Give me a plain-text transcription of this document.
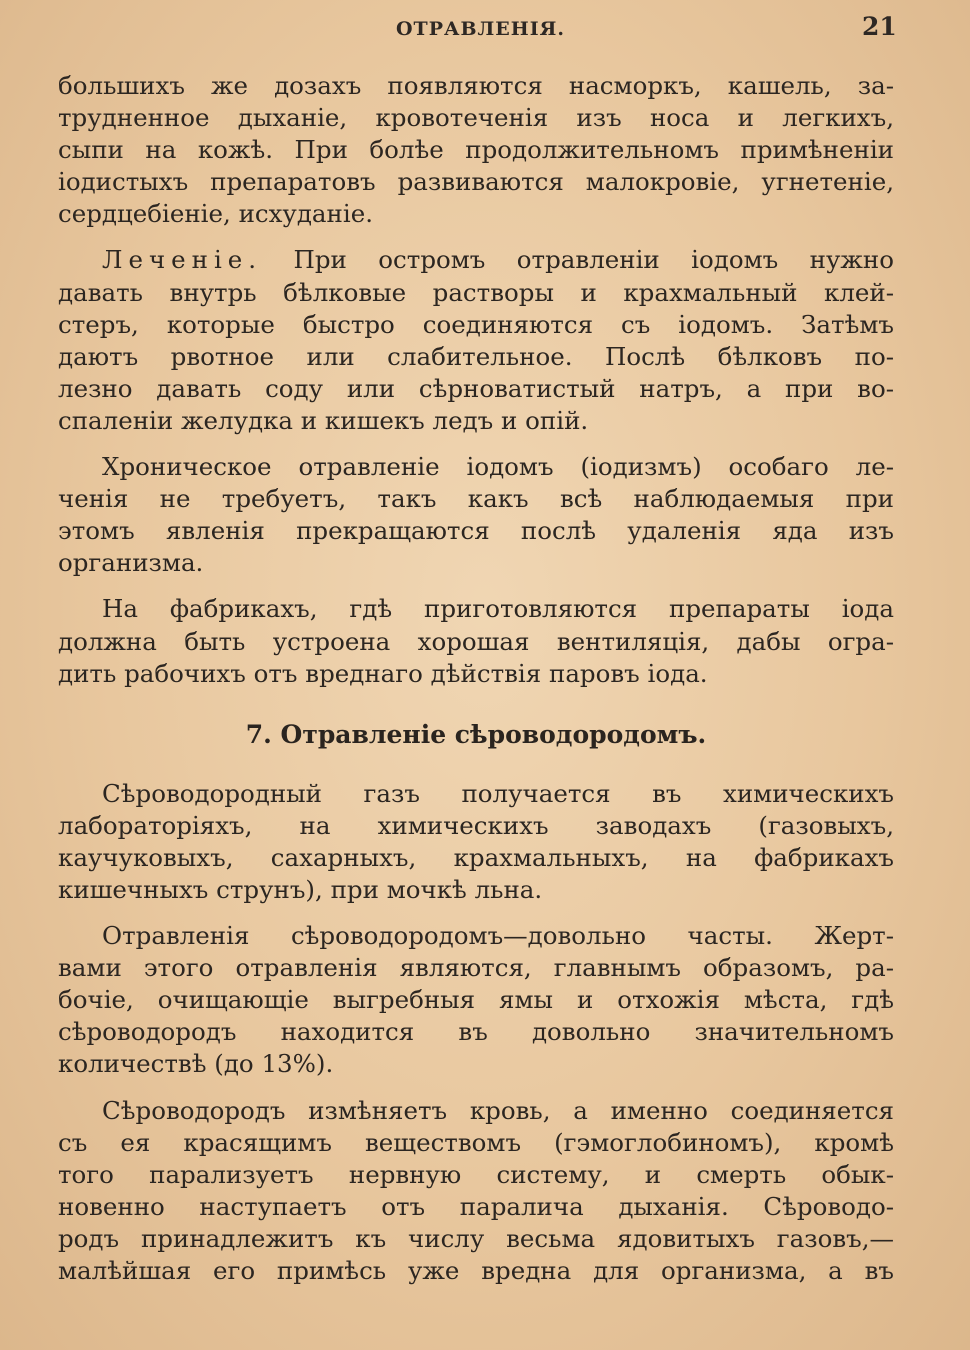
ОТРАВЛЕНІЯ.	21
большихъ же дозахъ появляются насморкъ, кашель, за-
трудненное дыханіе, кровотеченія изъ носа и легкихъ,
сыпи на кожѣ. При болѣе продолжительномъ примѣненіи
іодистыхъ препаратовъ развиваются малокровіе, угнетеніе,
сердцебіеніе, исхуданіе.
Леченіе. При остромъ отравленіи іодомъ нужно
давать внутрь бѣлковые растворы и крахмальный клей-
стеръ, которые быстро соединяются съ іодомъ. Затѣмъ
даютъ рвотное или слабительное. Послѣ бѣлковъ по-
лезно давать соду или сѣрноватистый натръ, а при во-
спаленіи желудка и кишекъ ледъ и опій.
Хроническое отравленіе іодомъ (іодизмъ) особаго ле-
ченія не требуетъ, такъ какъ всѣ наблюдаемыя при
этомъ явленія прекращаются послѣ удаленія яда изъ
организма.
На фабрикахъ, гдѣ приготовляются препараты іода
должна быть устроена хорошая вентиляція, дабы огра-
дить рабочихъ отъ вреднаго дѣйствія паровъ іода.
7. Отравленіе сѣроводородомъ.
Сѣроводородный газъ получается въ химическихъ
лабораторіяхъ, на химическихъ заводахъ (газовыхъ,
каучуковыхъ, сахарныхъ, крахмальныхъ, на фабрикахъ
кишечныхъ струнъ), при мочкѣ льна.
Отравленія сѣроводородомъ—довольно часты. Жерт-
вами этого отравленія являются, главнымъ образомъ, ра-
бочіе, очищающіе выгребныя ямы и отхожія мѣста, гдѣ
сѣроводородъ находится въ довольно значительномъ
количествѣ (до 13%).
Сѣроводородъ измѣняетъ кровь, а именно соединяется
съ ея красящимъ веществомъ (гэмоглобиномъ), кромѣ
того парализуетъ нервную систему, и смерть обык-
новенно наступаетъ отъ паралича дыханія. Сѣроводо-
родъ принадлежитъ къ числу весьма ядовитыхъ газовъ,—
малѣйшая его примѣсь уже вредна для организма, а въ
